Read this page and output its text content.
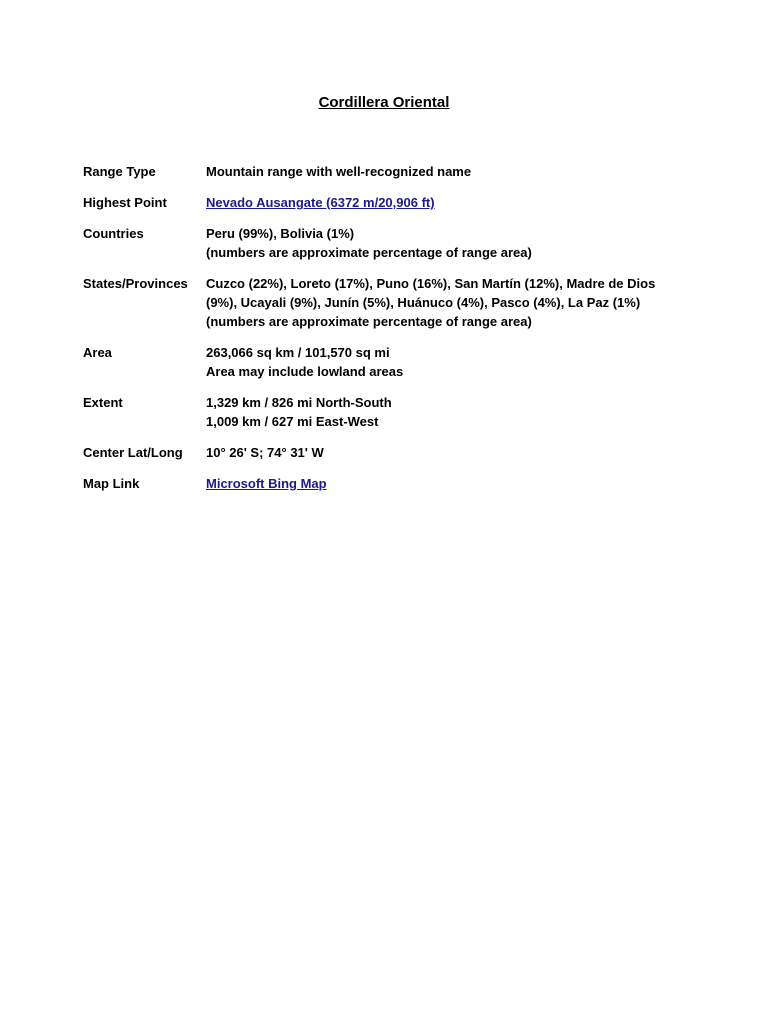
Cordillera Oriental
Range Type	Mountain range with well-recognized name
Highest Point	Nevado Ausangate (6372 m/20,906 ft)
Countries	Peru (99%), Bolivia (1%)
(numbers are approximate percentage of range area)
States/Provinces	Cuzco (22%), Loreto (17%), Puno (16%), San Martín (12%), Madre de Dios
(9%), Ucayali (9%), Junín (5%), Huánuco (4%), Pasco (4%), La Paz (1%)
(numbers are approximate percentage of range area)
Area	263,066 sq km / 101,570 sq mi
Area may include lowland areas
Extent	1,329 km / 826 mi North-South
1,009 km / 627 mi East-West
Center Lat/Long	10° 26' S; 74° 31' W
Map Link	Microsoft Bing Map
